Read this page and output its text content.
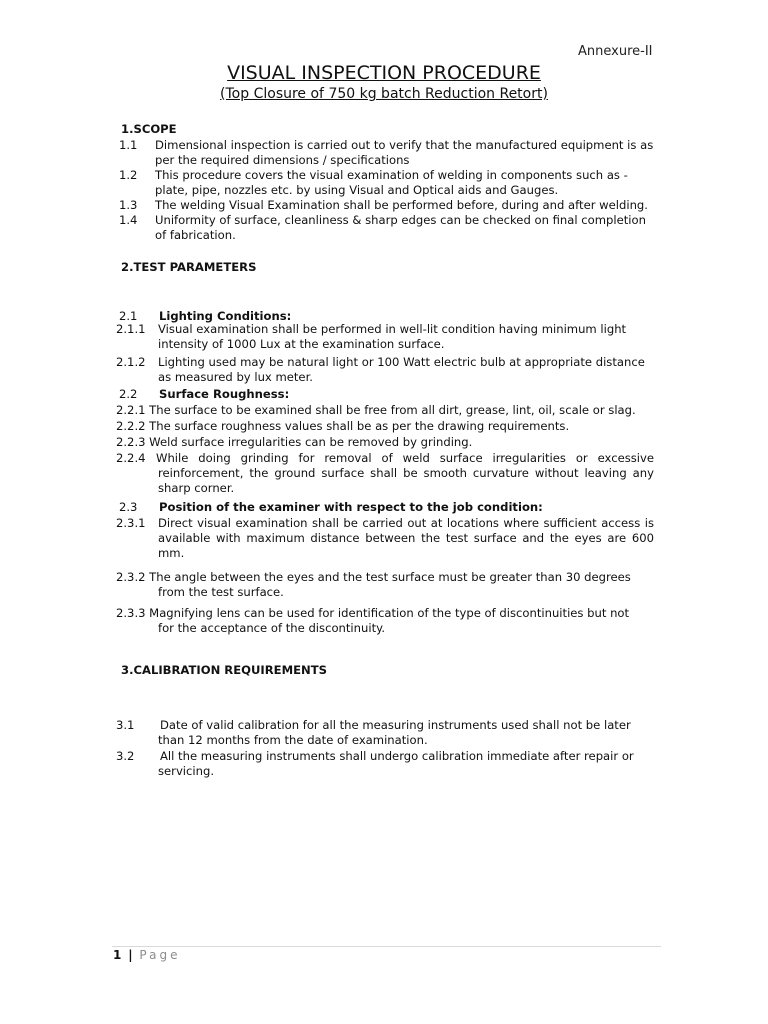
Annexure-II
VISUAL INSPECTION PROCEDURE
(Top Closure of 750 kg batch Reduction Retort)
1.SCOPE
1.1 Dimensional inspection is carried out to verify that the manufactured equipment is as
per the required dimensions / specifications
1.2 This procedure covers the visual examination of welding in components such as -
plate, pipe, nozzles etc. by using Visual and Optical aids and Gauges.
1.3 The welding Visual Examination shall be performed before, during and after welding.
1.4 Uniformity of surface, cleanliness & sharp edges can be checked on final completion
of fabrication.
2.TEST PARAMETERS
2.1 Lighting Conditions:
2.1.1 Visual examination shall be performed in well-lit condition having minimum light
intensity of 1000 Lux at the examination surface.
2.1.2 Lighting used may be natural light or 100 Watt electric bulb at appropriate distance
as measured by lux meter.
2.2 Surface Roughness:
2.2.1 The surface to be examined shall be free from all dirt, grease, lint, oil, scale or slag.
2.2.2 The surface roughness values shall be as per the drawing requirements.
2.2.3 Weld surface irregularities can be removed by grinding.
2.2.4 While doing grinding for removal of weld surface irregularities or excessive reinforcement, the ground surface shall be smooth curvature without leaving any sharp corner.
2.3 Position of the examiner with respect to the job condition:
2.3.1 Direct visual examination shall be carried out at locations where sufficient access is available with maximum distance between the test surface and the eyes are 600 mm.
2.3.2 The angle between the eyes and the test surface must be greater than 30 degrees
from the test surface.
2.3.3 Magnifying lens can be used for identification of the type of discontinuities but not
for the acceptance of the discontinuity.
3.CALIBRATION REQUIREMENTS
3.1 Date of valid calibration for all the measuring instruments used shall not be later
than 12 months from the date of examination.
3.2 All the measuring instruments shall undergo calibration immediate after repair or
servicing.
1 | Page
